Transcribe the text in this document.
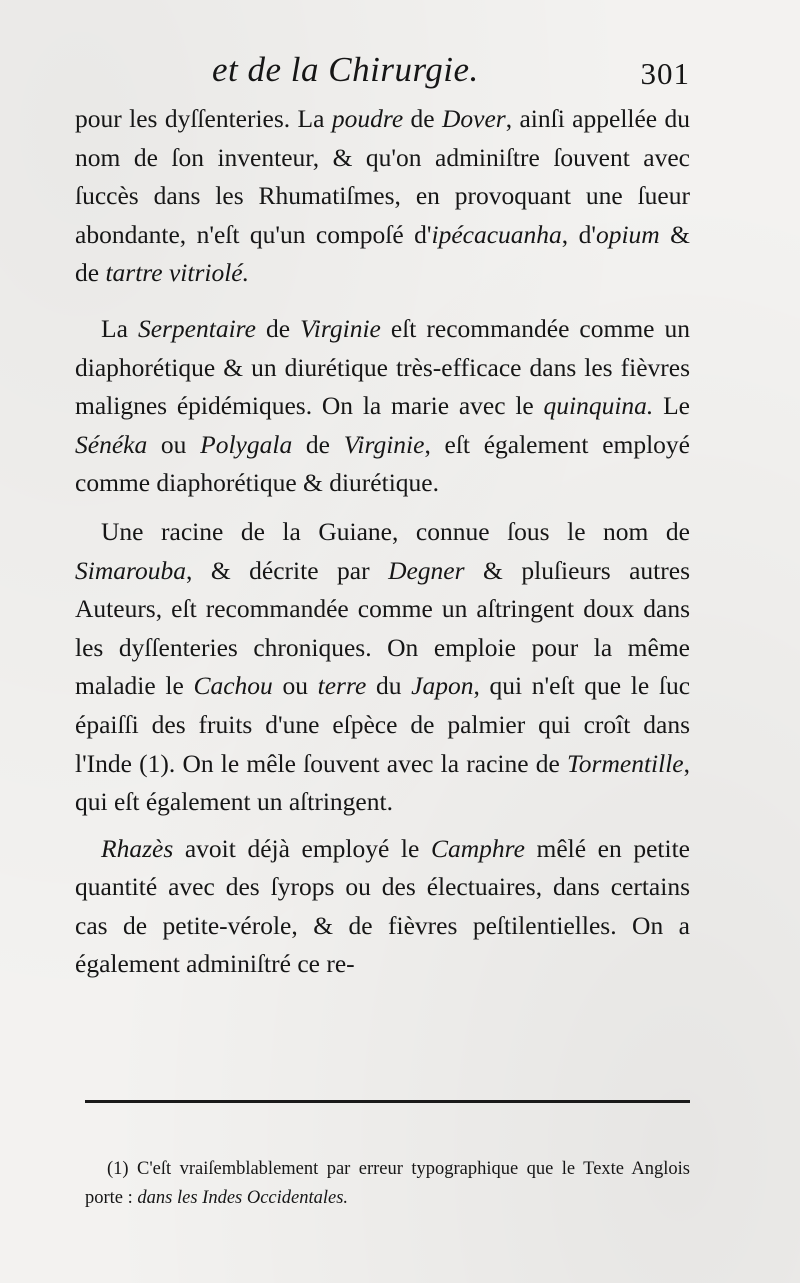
et de la Chirurgie.	301

pour les dyſſenteries. La poudre de Dover, ainſi appellée du nom de ſon inventeur, & qu'on adminiſtre ſouvent avec ſuccès dans les Rhumatiſmes, en provoquant une ſueur abondante, n'eſt qu'un compoſé d'ipécacuanha, d'opium & de tartre vitriolé.

La Serpentaire de Virginie eſt recommandée comme un diaphorétique & un diurétique très-efficace dans les fièvres malignes épidémiques. On la marie avec le quinquina. Le Sénéka ou Polygala de Virginie, eſt également employé comme diaphorétique & diurétique.

Une racine de la Guiane, connue ſous le nom de Simarouba, & décrite par Degner & pluſieurs autres Auteurs, eſt recommandée comme un aſtringent doux dans les dyſſenteries chroniques. On emploie pour la même maladie le Cachou ou terre du Japon, qui n'eſt que le ſuc épaiſſi des fruits d'une eſpèce de palmier qui croît dans l'Inde (1). On le mêle ſouvent avec la racine de Tormentille, qui eſt également un aſtringent.

Rhazès avoit déjà employé le Camphre mêlé en petite quantité avec des ſyrops ou des électuaires, dans certains cas de petite-vérole, & de fièvres peſtilentielles. On a également adminiſtré ce re-

(1) C'eſt vraiſemblablement par erreur typographique que le Texte Anglois porte : dans les Indes Occidentales.
